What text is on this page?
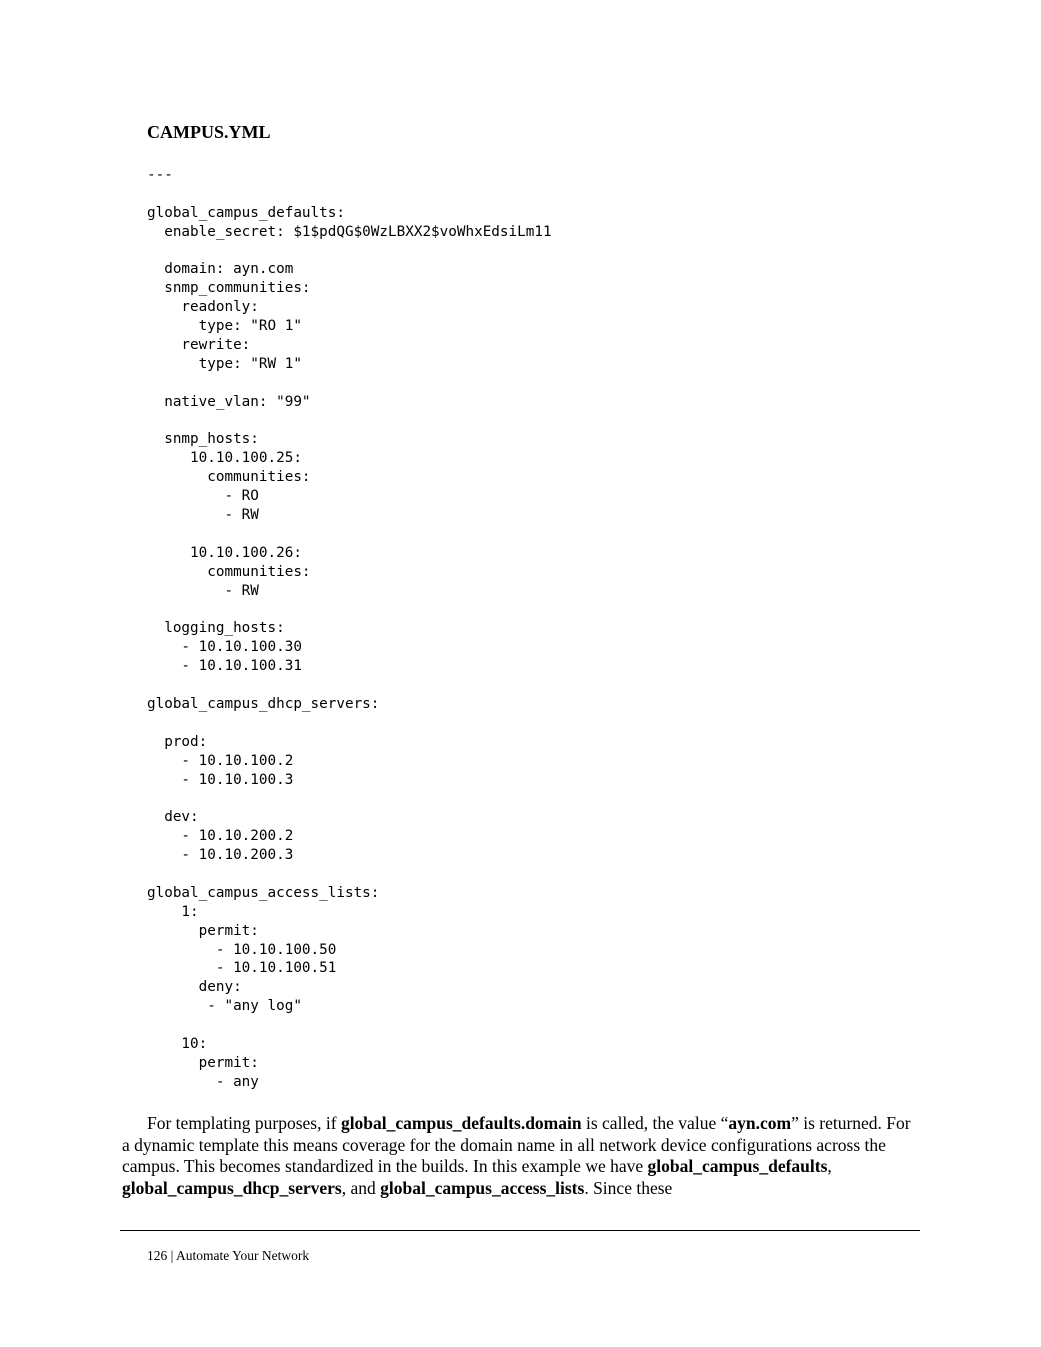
CAMPUS.YML
---
global_campus_defaults:
enable_secret: $1$pdQG$0WzLBXX2$voWhxEdsiLm11
domain: ayn.com
snmp_communities:
readonly:
type: "RO 1"
rewrite:
type: "RW 1"
native_vlan: "99"
snmp_hosts:
10.10.100.25:
communities:
- RO
- RW
10.10.100.26:
communities:
- RW
logging_hosts:
- 10.10.100.30
- 10.10.100.31
global_campus_dhcp_servers:
prod:
- 10.10.100.2
- 10.10.100.3
dev:
- 10.10.200.2
- 10.10.200.3
global_campus_access_lists:
1:
permit:
- 10.10.100.50
- 10.10.100.51
deny:
- "any log"
10:
permit:
- any

For templating purposes, if global_campus_defaults.domain is called, the value “ayn.com” is returned. For a dynamic template this means coverage for the domain name in all network device configurations across the campus. This becomes standardized in the builds. In this example we have global_campus_defaults, global_campus_dhcp_servers, and global_campus_access_lists. Since these

126 | Automate Your Network
